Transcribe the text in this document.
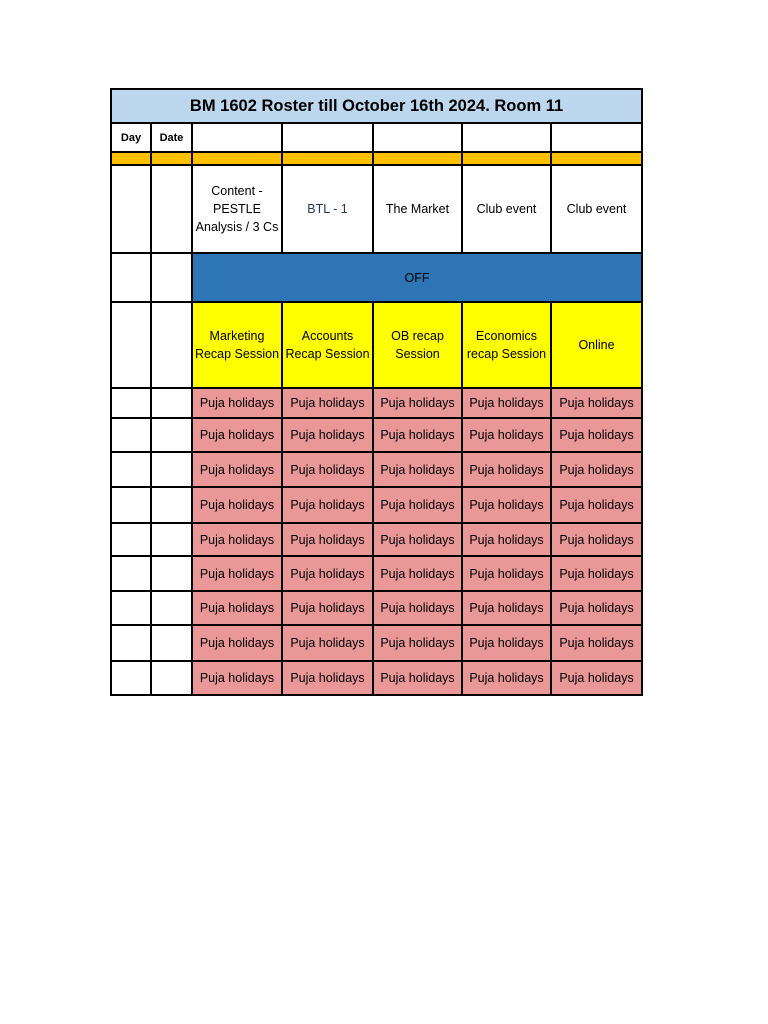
BM 1602 Roster till October 16th 2024. Room 11						
Day	Date					

		Content - PESTLE Analysis / 3 Cs	BTL - 1	The Market	Club event	Club event
		OFF				
		Marketing Recap Session	Accounts Recap Session	OB recap Session	Economics recap Session	Online
		Puja holidays	Puja holidays	Puja holidays	Puja holidays	Puja holidays
		Puja holidays	Puja holidays	Puja holidays	Puja holidays	Puja holidays
		Puja holidays	Puja holidays	Puja holidays	Puja holidays	Puja holidays
		Puja holidays	Puja holidays	Puja holidays	Puja holidays	Puja holidays
		Puja holidays	Puja holidays	Puja holidays	Puja holidays	Puja holidays
		Puja holidays	Puja holidays	Puja holidays	Puja holidays	Puja holidays
		Puja holidays	Puja holidays	Puja holidays	Puja holidays	Puja holidays
		Puja holidays	Puja holidays	Puja holidays	Puja holidays	Puja holidays
		Puja holidays	Puja holidays	Puja holidays	Puja holidays	Puja holidays
